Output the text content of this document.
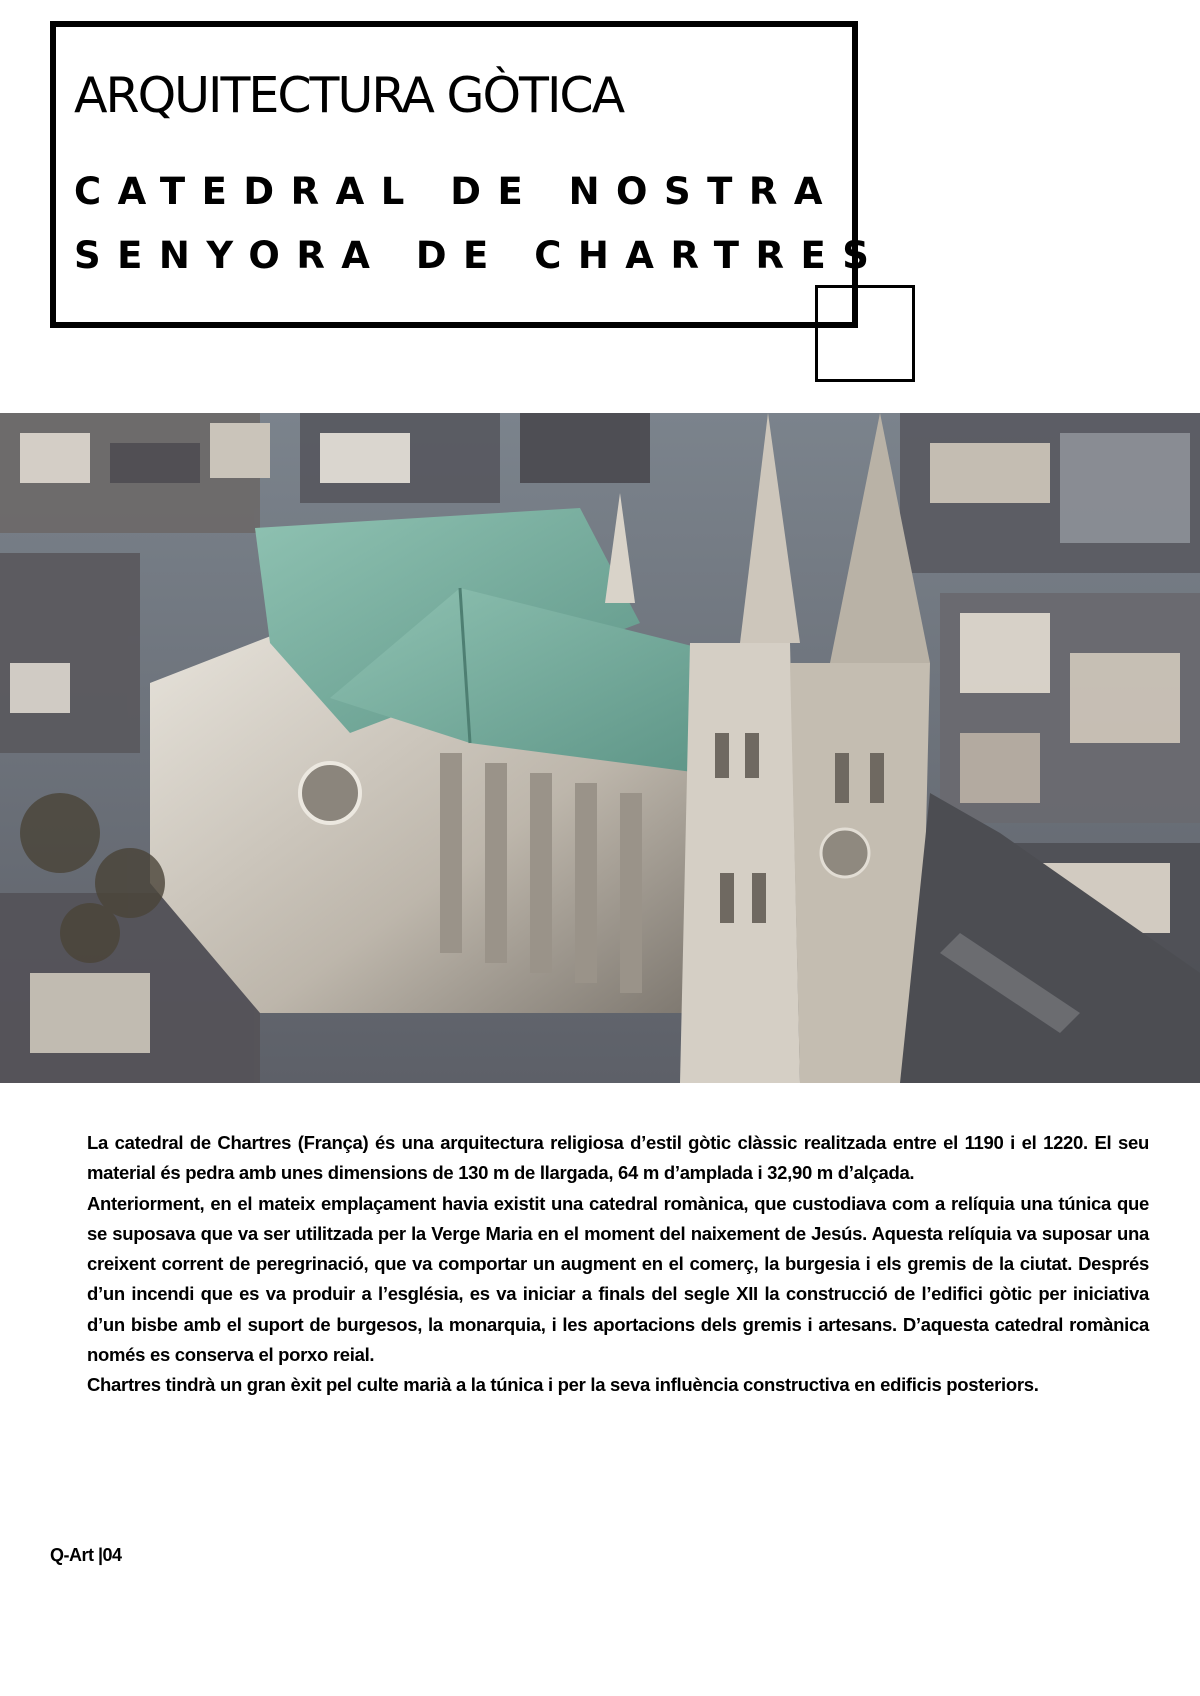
ARQUITECTURA GÒTICA
CATEDRAL DE NOSTRA
SENYORA DE CHARTRES

La catedral de Chartres (França) és una arquitectura religiosa d’estil gòtic clàssic realitzada entre el 1190 i el 1220. El seu material és pedra amb unes dimensions de 130 m de llargada, 64 m d’amplada i 32,90 m d’alçada.

Anteriorment, en el mateix emplaçament havia existit una catedral romànica, que custodiava com a relíquia una túnica que se suposava que va ser utilitzada per la Verge Maria en el moment del naixement de Jesús. Aquesta relíquia va suposar una creixent corrent de peregrinació, que va comportar un augment en el comerç, la burgesia i els gremis de la ciutat. Després d’un incendi que es va produir a l’església, es va iniciar a finals del segle XII la construcció de l’edifici gòtic per iniciativa d’un bisbe amb el suport de burgesos, la monarquia, i les aportacions dels gremis i artesans. D’aquesta catedral romànica només es conserva el porxo reial.

Chartres tindrà un gran èxit pel culte marià a la túnica i per la seva influència constructiva en edificis posteriors.

Q-Art |04
